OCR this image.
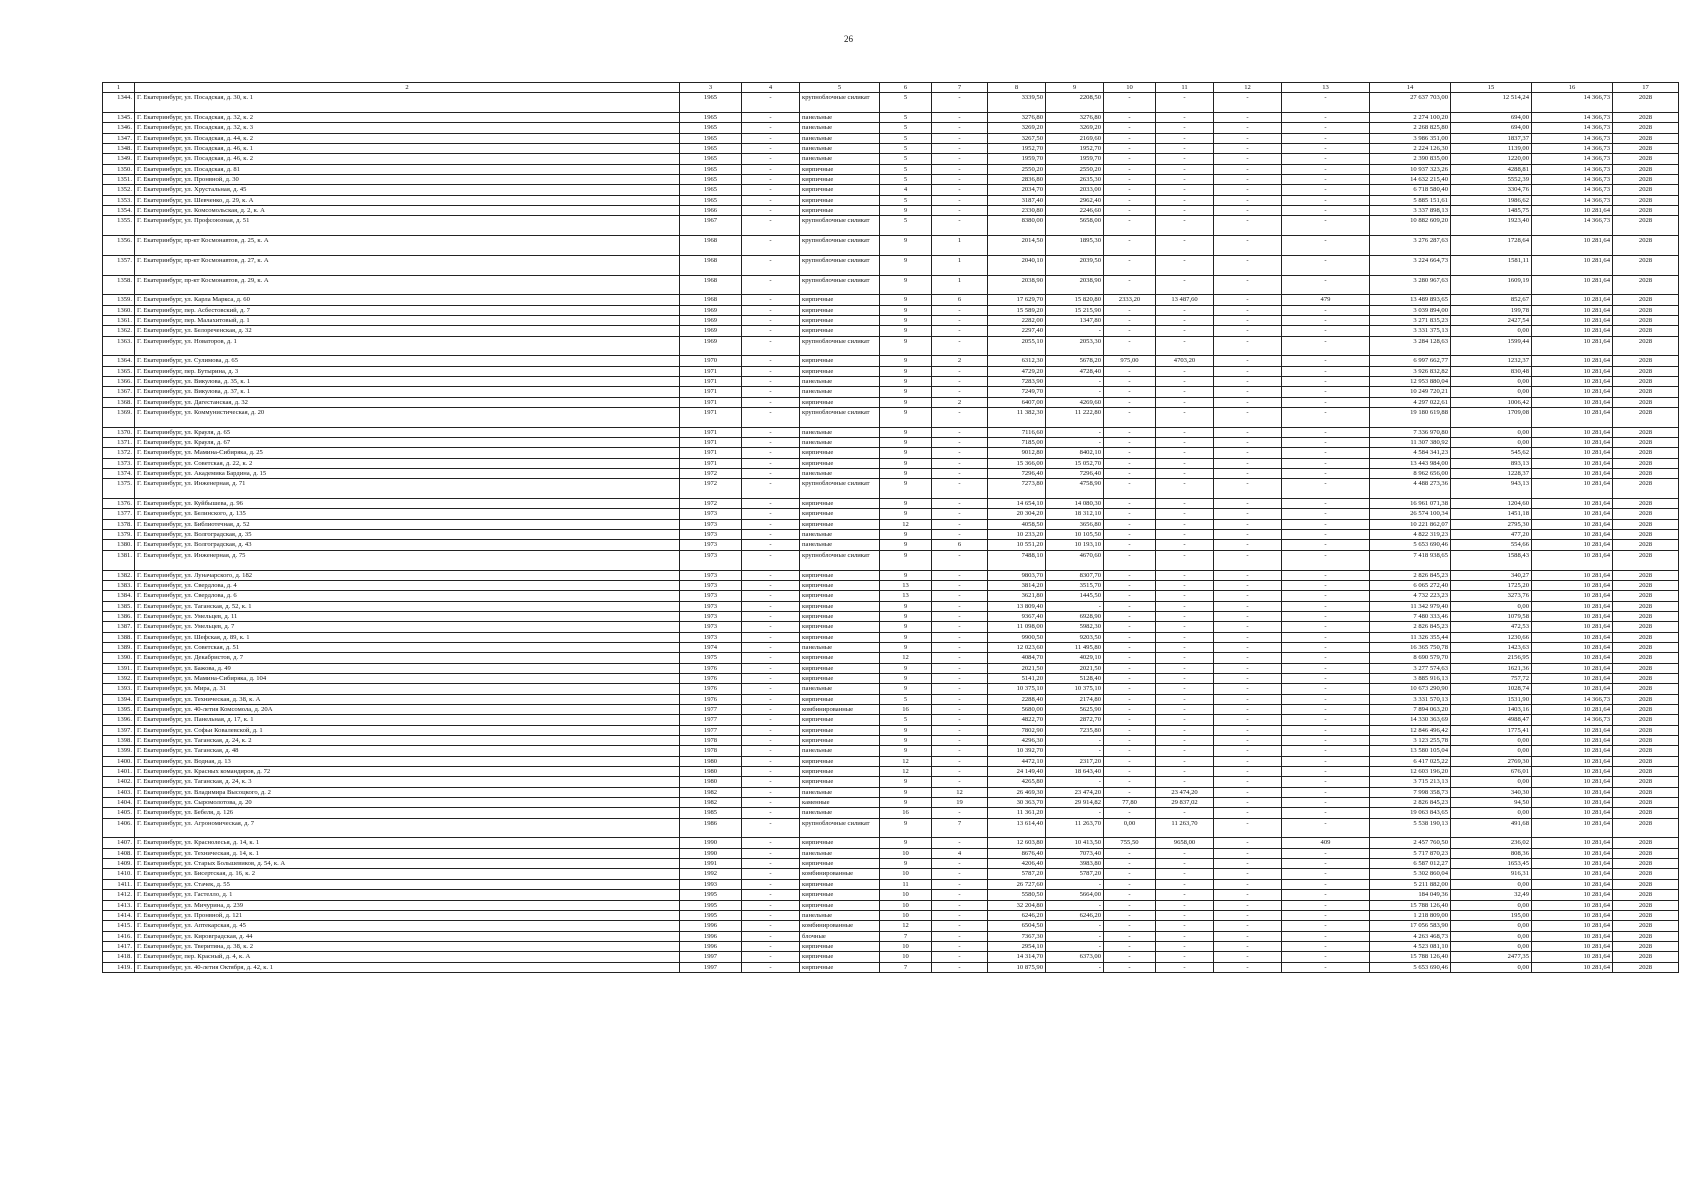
26
1	2	3	4	5	6	7	8	9	10	11	12	13	14	15	16	17
1344.	Г. Екатеринбург, ул. Посадская, д. 30, к. 1	1965	-	крупноблочные силикат	5	-	3339,50	2208,50	-	-	-	-	27 637 703,00	12 514,24	14 366,73	2028
1345.	Г. Екатеринбург, ул. Посадская, д. 32, к. 2	1965	-	панельные	5	-	3276,80	3276,80	-	-	-	-	2 274 100,20	694,00	14 366,73	2028
1346.	Г. Екатеринбург, ул. Посадская, д. 32, к. 3	1965	-	панельные	5	-	3269,20	3269,20	-	-	-	-	2 268 825,80	694,00	14 366,73	2028
1347.	Г. Екатеринбург, ул. Посадская, д. 44, к. 2	1965	-	панельные	5	-	3267,50	2169,60	-	-	-	-	3 986 351,00	1837,37	14 366,73	2028
1348.	Г. Екатеринбург, ул. Посадская, д. 46, к. 1	1965	-	панельные	5	-	1952,70	1952,70	-	-	-	-	2 224 126,30	1139,00	14 366,73	2028
1349.	Г. Екатеринбург, ул. Посадская, д. 46, к. 2	1965	-	панельные	5	-	1959,70	1959,70	-	-	-	-	2 390 835,00	1220,00	14 366,73	2028
1350.	Г. Екатеринбург, ул. Посадская, д. 81	1965	-	кирпичные	5	-	2550,20	2550,20	-	-	-	-	10 937 323,26	4288,81	14 366,73	2028
1351.	Г. Екатеринбург, ул. Пронвной, д. 30	1965	-	кирпичные	5	-	2836,80	2635,30	-	-	-	-	14 632 215,40	5552,39	14 366,73	2028
1352.	Г. Екатеринбург, ул. Хрустальная, д. 45	1965	-	кирпичные	4	-	2034,70	2033,00	-	-	-	-	6 718 580,40	3304,76	14 366,73	2028
1353.	Г. Екатеринбург, ул. Шевченко, д. 29, к. А	1965	-	кирпичные	5	-	3187,40	2962,40	-	-	-	-	5 885 151,61	1986,62	14 366,73	2028
1354.	Г. Екатеринбург, ул. Комсомольская, д. 2, к. А	1966	-	кирпичные	9	-	2330,80	2246,60	-	-	-	-	3 337 898,13	1485,75	10 281,64	2028
1355.	Г. Екатеринбург, ул. Профсоюзная, д. 51	1967	-	крупноблочные силикат	5	-	8380,00	5658,00	-	-	-	-	10 882 609,20	1923,40	14 366,73	2028
1356.	Г. Екатеринбург, пр-кт Космонавтов, д. 25, к. А	1968	-	крупноблочные силикат	9	1	2014,50	1895,30	-	-	-	-	3 276 287,63	1728,64	10 281,64	2028
1357.	Г. Екатеринбург, пр-кт Космонавтов, д. 27, к. А	1968	-	крупноблочные силикат	9	1	2040,10	2039,50	-	-	-	-	3 224 664,73	1581,11	10 281,64	2028
1358.	Г. Екатеринбург, пр-кт Космонавтов, д. 29, к. А	1968	-	крупноблочные силикат	9	1	2038,90	2038,90	-	-	-	-	3 280 967,63	1609,19	10 281,64	2028
1359.	Г. Екатеринбург, ул. Карла Маркса, д. 60	1968	-	кирпичные	9	6	17 629,70	15 820,80	2333,20	13 487,60	-	479	13 489 893,65	852,67	10 281,64	2028
1360.	Г. Екатеринбург, пер. Асбестовский, д. 7	1969	-	кирпичные	9	-	15 589,20	15 215,90	-	-	-	-	3 039 894,00	199,78	10 281,64	2028
1361.	Г. Екатеринбург, пер. Малахитовый, д. 1	1969	-	кирпичные	9	-	2282,00	1347,80	-	-	-	-	3 271 835,23	2427,54	10 281,64	2028
1362.	Г. Екатеринбург, ул. Белореченская, д. 32	1969	-	кирпичные	9	-	2297,40	-	-	-	-	-	3 331 375,13	0,00	10 281,64	2028
1363.	Г. Екатеринбург, ул. Новаторов, д. 1	1969	-	крупноблочные силикат	9	-	2055,10	2053,30	-	-	-	-	3 284 128,63	1599,44	10 281,64	2028
1364.	Г. Екатеринбург, ул. Сулимова, д. 65	1970	-	кирпичные	9	2	6312,30	5678,20	975,00	4703,20	-	-	6 997 662,77	1232,37	10 281,64	2028
1365.	Г. Екатеринбург, пер. Бутырина, д. 3	1971	-	кирпичные	9	-	4729,20	4728,40	-	-	-	-	3 926 832,82	830,48	10 281,64	2028
1366.	Г. Екатеринбург, ул. Викулова, д. 35, к. 1	1971	-	панельные	9	-	7283,90	-	-	-	-	-	12 953 880,04	0,00	10 281,64	2028
1367.	Г. Екатеринбург, ул. Викулова, д. 37, к. 1	1971	-	панельные	9	-	7249,70	-	-	-	-	-	10 249 720,21	0,00	10 281,64	2028
1368.	Г. Екатеринбург, ул. Дагестанская, д. 32	1971	-	кирпичные	9	2	6407,00	4269,60	-	-	-	-	4 297 022,61	1006,42	10 281,64	2028
1369.	Г. Екатеринбург, ул. Коммунистическая, д. 20	1971	-	крупноблочные силикат	9	-	11 382,30	11 222,80	-	-	-	-	19 180 619,88	1709,08	10 281,64	2028
1370.	Г. Екатеринбург, ул. Крауля, д. 65	1971	-	панельные	9	-	7116,60	-	-	-	-	-	7 336 970,80	0,00	10 281,64	2028
1371.	Г. Екатеринбург, ул. Крауля, д. 67	1971	-	панельные	9	-	7185,00	-	-	-	-	-	11 307 380,92	0,00	10 281,64	2028
1372.	Г. Екатеринбург, ул. Мамина-Сибиряка, д. 25	1971	-	кирпичные	9	-	9012,80	8402,10	-	-	-	-	4 584 341,23	545,62	10 281,64	2028
1373.	Г. Екатеринбург, ул. Советская, д. 22, к. 2	1971	-	кирпичные	9	-	15 366,00	15 052,70	-	-	-	-	13 443 984,00	893,13	10 281,64	2028
1374.	Г. Екатеринбург, ул. Академика Бардина, д. 15	1972	-	панельные	9	-	7296,40	7296,40	-	-	-	-	8 962 656,00	1228,37	10 281,64	2028
1375.	Г. Екатеринбург, ул. Инженерная, д. 71	1972	-	крупноблочные силикат	9	-	7273,80	4758,90	-	-	-	-	4 488 273,36	943,13	10 281,64	2028
1376.	Г. Екатеринбург, ул. Куйбышева, д. 96	1972	-	кирпичные	9	-	14 654,10	14 080,30	-	-	-	-	16 961 071,38	1204,60	10 281,64	2028
1377.	Г. Екатеринбург, ул. Белинского, д. 135	1973	-	кирпичные	9	-	20 304,20	18 312,10	-	-	-	-	26 574 100,34	1451,18	10 281,64	2028
1378.	Г. Екатеринбург, ул. Библиотечная, д. 52	1973	-	кирпичные	12	-	4058,50	3656,80	-	-	-	-	10 221 862,07	2795,30	10 281,64	2028
1379.	Г. Екатеринбург, ул. Волгоградская, д. 35	1973	-	панельные	9	-	10 233,20	10 105,50	-	-	-	-	4 822 319,23	477,20	10 281,64	2028
1380.	Г. Екатеринбург, ул. Волгоградская, д. 43	1973	-	панельные	9	6	10 551,20	10 193,10	-	-	-	-	5 653 690,46	554,66	10 281,64	2028
1381.	Г. Екатеринбург, ул. Инженерная, д. 75	1973	-	крупноблочные силикат	9	-	7488,10	4670,60	-	-	-	-	7 418 938,65	1588,43	10 281,64	2028
1382.	Г. Екатеринбург, ул. Луначарского, д. 182	1973	-	кирпичные	9	-	9803,70	8307,70	-	-	-	-	2 826 845,23	340,27	10 281,64	2028
1383.	Г. Екатеринбург, ул. Свердлова, д. 4	1973	-	кирпичные	13	-	3814,20	3515,70	-	-	-	-	6 065 272,40	1725,20	10 281,64	2028
1384.	Г. Екатеринбург, ул. Свердлова, д. 6	1973	-	кирпичные	13	-	3621,80	1445,50	-	-	-	-	4 732 223,23	3273,76	10 281,64	2028
1385.	Г. Екатеринбург, ул. Таганская, д. 52, к. 1	1973	-	кирпичные	9	-	13 809,40	-	-	-	-	-	11 342 979,40	0,00	10 281,64	2028
1386.	Г. Екатеринбург, ул. Умельцев, д. 11	1973	-	кирпичные	9	-	9367,40	6928,90	-	-	-	-	7 480 333,46	1079,58	10 281,64	2028
1387.	Г. Екатеринбург, ул. Умельцев, д. 7	1973	-	кирпичные	9	-	11 098,00	5982,30	-	-	-	-	2 826 845,23	472,53	10 281,64	2028
1388.	Г. Екатеринбург, ул. Шефская, д. 89, к. 1	1973	-	кирпичные	9	-	9900,50	9203,50	-	-	-	-	11 326 355,44	1230,66	10 281,64	2028
1389.	Г. Екатеринбург, ул. Советская, д. 51	1974	-	панельные	9	-	12 023,60	11 495,80	-	-	-	-	16 365 750,78	1423,63	10 281,64	2028
1390.	Г. Екатеринбург, ул. Декабристов, д. 7	1975	-	кирпичные	12	-	4084,70	4029,10	-	-	-	-	8 690 579,70	2156,95	10 281,64	2028
1391.	Г. Екатеринбург, ул. Бажова, д. 49	1976	-	кирпичные	9	-	2021,50	2021,50	-	-	-	-	3 277 574,63	1621,36	10 281,64	2028
1392.	Г. Екатеринбург, ул. Мамина-Сибиряка, д. 104	1976	-	кирпичные	9	-	5141,20	5128,40	-	-	-	-	3 885 916,13	757,72	10 281,64	2028
1393.	Г. Екатеринбург, ул. Мира, д. 31	1976	-	панельные	9	-	10 375,10	10 375,10	-	-	-	-	10 673 290,90	1028,74	10 281,64	2028
1394.	Г. Екатеринбург, ул. Техническая, д. 38, к. А	1976	-	кирпичные	5	-	2288,40	2174,80	-	-	-	-	3 331 570,13	1531,90	14 366,73	2028
1395.	Г. Екатеринбург, ул. 40-летия Комсомола, д. 20А	1977	-	комбинированные	16	-	5680,00	5625,90	-	-	-	-	7 894 063,20	1403,16	10 281,64	2028
1396.	Г. Екатеринбург, ул. Панельная, д. 17, к. 1	1977	-	кирпичные	5	-	4822,70	2872,70	-	-	-	-	14 330 363,69	4988,47	14 366,73	2028
1397.	Г. Екатеринбург, ул. Софьи Ковалевской, д. 1	1977	-	кирпичные	9	-	7802,90	7235,80	-	-	-	-	12 846 496,42	1775,41	10 281,64	2028
1398.	Г. Екатеринбург, ул. Таганская, д. 24, к. 2	1978	-	кирпичные	9	-	4296,30	-	-	-	-	-	3 123 255,78	0,00	10 281,64	2028
1399.	Г. Екатеринбург, ул. Таганская, д. 48	1978	-	панельные	9	-	10 392,70	-	-	-	-	-	13 580 105,04	0,00	10 281,64	2028
1400.	Г. Екатеринбург, ул. Водная, д. 13	1980	-	кирпичные	12	-	4472,10	2317,20	-	-	-	-	6 417 025,22	2769,30	10 281,64	2028
1401.	Г. Екатеринбург, ул. Красных командиров, д. 72	1980	-	кирпичные	12	-	24 149,40	18 643,40	-	-	-	-	12 603 196,20	676,01	10 281,64	2028
1402.	Г. Екатеринбург, ул. Таганская, д. 24, к. 3	1980	-	кирпичные	9	-	4265,80	-	-	-	-	-	3 715 213,13	0,00	10 281,64	2028
1403.	Г. Екатеринбург, ул. Владимира Высоцкого, д. 2	1982	-	панельные	9	12	26 469,30	23 474,20	-	23 474,20	-	-	7 998 358,73	340,30	10 281,64	2028
1404.	Г. Екатеринбург, ул. Сыромолотова, д. 20	1982	-	каменные	9	19	30 363,70	29 914,82	77,80	29 837,02	-	-	2 826 845,23	94,50	10 281,64	2028
1405.	Г. Екатеринбург, ул. Бебеля, д. 126	1985	-	панельные	16	-	11 361,20	-	-	-	-	-	19 063 843,65	0,00	10 281,64	2028
1406.	Г. Екатеринбург, ул. Агрономическая, д. 7	1986	-	крупноблочные силикат	9	7	13 614,40	11 263,70	0,00	11 263,70	-	-	5 538 190,13	491,68	10 281,64	2028
1407.	Г. Екатеринбург, ул. Краснолесья, д. 14, к. 1	1990	-	кирпичные	9	-	12 603,80	10 413,50	755,50	9658,00	-	409	2 457 760,50	236,02	10 281,64	2028
1408.	Г. Екатеринбург, ул. Техническая, д. 14, к. 1	1990	-	панельные	10	4	8676,40	7073,40	-	-	-	-	5 717 870,23	808,36	10 281,64	2028
1409.	Г. Екатеринбург, ул. Старых Большевиков, д. 54, к. А	1991	-	кирпичные	9	-	4206,40	3983,80	-	-	-	-	6 587 012,27	1653,45	10 281,64	2028
1410.	Г. Екатеринбург, ул. Бисертская, д. 16, к. 2	1992	-	комбинированные	10	-	5787,20	5787,20	-	-	-	-	5 302 860,04	916,31	10 281,64	2028
1411.	Г. Екатеринбург, ул. Стачек, д. 55	1993	-	кирпичные	11	-	26 727,60	-	-	-	-	-	5 211 882,00	0,00	10 281,64	2028
1412.	Г. Екатеринбург, ул. Гастелло, д. 1	1995	-	кирпичные	10	-	5580,50	5664,00	-	-	-	-	184 049,36	32,49	10 281,64	2028
1413.	Г. Екатеринбург, ул. Мичурина, д. 239	1995	-	кирпичные	10	-	32 204,80	-	-	-	-	-	15 788 126,40	0,00	10 281,64	2028
1414.	Г. Екатеринбург, ул. Пронвной, д. 121	1995	-	панельные	10	-	6246,20	6246,20	-	-	-	-	1 218 809,00	195,00	10 281,64	2028
1415.	Г. Екатеринбург, ул. Аптекарская, д. 45	1996	-	комбинированные	12	-	6504,50	-	-	-	-	-	17 056 583,90	0,00	10 281,64	2028
1416.	Г. Екатеринбург, ул. Кировградская, д. 44	1996	-	блочные	7	-	7367,30	-	-	-	-	-	4 263 468,73	0,00	10 281,64	2028
1417.	Г. Екатеринбург, ул. Тверитина, д. 38, к. 2	1996	-	кирпичные	10	-	2954,10	-	-	-	-	-	4 523 081,10	0,00	10 281,64	2028
1418.	Г. Екатеринбург, пер. Красный, д. 4, к. А	1997	-	кирпичные	10	-	14 314,70	6373,00	-	-	-	-	15 788 126,40	2477,35	10 281,64	2028
1419.	Г. Екатеринбург, ул. 40-летия Октября, д. 42, к. 1	1997	-	кирпичные	7	-	10 875,90	-	-	-	-	-	5 653 690,46	0,00	10 281,64	2028
